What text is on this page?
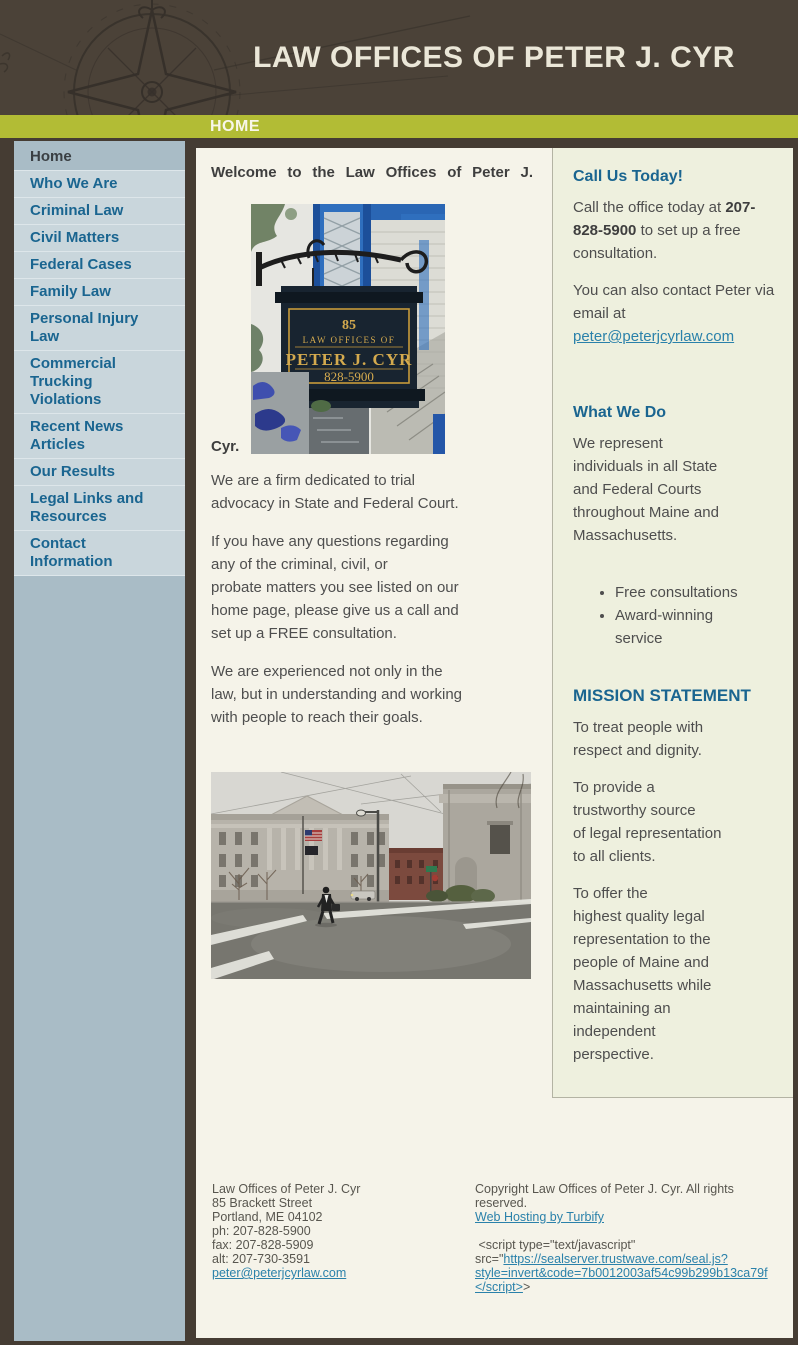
LAW OFFICES OF PETER J. CYR
HOME
Home
Who We Are
Criminal Law
Civil Matters
Federal Cases
Family Law
Personal Injury Law
Commercial Trucking Violations
Recent News Articles
Our Results
Legal Links and Resources
Contact Information
Welcome to the Law Offices of Peter J.
Cyr.
85
LAW OFFICES OF
PETER J. CYR
828-5900

We are a firm dedicated to trial
advocacy in State and Federal Court.

If you have any questions regarding
any of the criminal, civil, or
probate matters you see listed on our
home page, please give us a call and
set up a FREE consultation.

We are experienced not only in the
law, but in understanding and working
with people to reach their goals.

Call Us Today!

Call the office today at 207-828-5900 to set up a free consultation.

You can also contact Peter via email at peter@peterjcyrlaw.com

What We Do

We represent
individuals in all State
and Federal Courts
throughout Maine and
Massachusetts.

• Free consultations
• Award-winning
service
MISSION STATEMENT

To treat people with
respect and dignity.

To provide a
trustworthy source
of legal representation
to all clients.

To offer the
highest quality legal
representation to the
people of Maine and
Massachusetts while
maintaining an
independent
perspective.

Law Offices of Peter J. Cyr
85 Brackett Street
Portland, ME 04102
ph: 207-828-5900
fax: 207-828-5909
alt: 207-730-3591
peter@peterjcyrlaw.com
Copyright Law Offices of Peter J. Cyr. All rights
reserved.
Web Hosting by Turbify
<script type="text/javascript"
src="https://sealserver.trustwave.com/seal.js?
style=invert&code=7b0012003af54c99b299b13ca79f
</script>>
